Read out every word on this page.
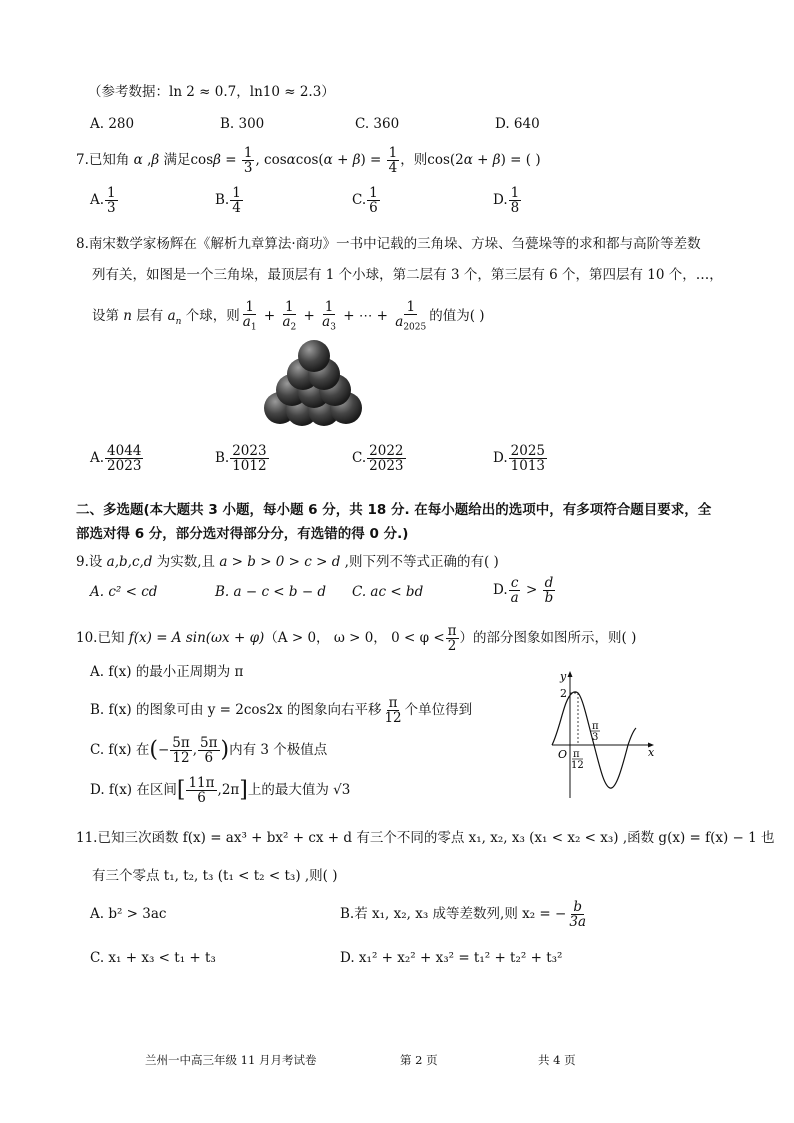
（参考数据：ln 2 ≈ 0.7，ln10 ≈ 2.3）
A. 280	B. 300	C. 360	D. 640
7.已知角 α ,β 满足$\cos\beta = \frac{1}{3}$ , $\cos\alpha\cos(\alpha + \beta) = \frac{1}{4}$ ，则cos(2α + β) = ( )
A. $\frac{1}{3}$	B. $\frac{1}{4}$	C. $\frac{1}{6}$	D. $\frac{1}{8}$
8.南宋数学家杨辉在《解析九章算法·商功》一书中记载的三角垛、方垛、刍甍垛等的求和都与高阶等差数
列有关，如图是一个三角垛，最顶层有 1 个小球，第二层有 3 个，第三层有 6 个，第四层有 10 个，…，
设第 n 层有 $a_n$ 个球，则 $\frac{1}{a_1} + \frac{1}{a_2} + \frac{1}{a_3}$ + ⋯ + $\frac{1}{a_{2025}}$ 的值为( )
A. $\frac{4044}{2023}$	B. $\frac{2023}{1012}$	C. $\frac{2022}{2023}$	D. $\frac{2025}{1013}$
二、多选题(本大题共 3 小题，每小题 6 分，共 18 分. 在每小题给出的选项中，有多项符合题目要求，全部选对得 6 分，部分选对得部分分，有选错的得 0 分.)
9.设 a,b,c,d 为实数,且 a > b > 0 > c > d ,则下列不等式正确的有( )
A. c² < cd	B. a − c < b − d C. ac < bd	D. $\frac{c}{a} > \frac{d}{b}$
10.已知 f(x) = A sin(ωx + φ)（A > 0， ω > 0， $0 < \varphi < \frac{\pi}{2}$ ）的部分图象如图所示，则( )
A. f(x) 的最小正周期为 π
B. f(x) 的图象可由 y = 2cos2x 的图象向右平移 $\frac{\pi}{12}$ 个单位得到
C. f(x) 在(− $\frac{5\pi}{12}$ , $\frac{5\pi}{6}$ )内有 3 个极值点
D. f(x) 在区间[ $\frac{11\pi}{6} ,2\pi$]上的最大值为 √3
y
x
O
2
π
12
π
3
11.已知三次函数 f(x) = ax³ + bx² + cx + d 有三个不同的零点 x₁, x₂, x₃ (x₁ < x₂ < x₃) ,函数 g(x) = f(x) − 1 也
有三个零点 t₁, t₂, t₃ (t₁ < t₂ < t₃) ,则( )
A. b² > 3ac	B.若 x₁, x₂, x₃ 成等差数列,则 x₂ = − $\frac{b}{3a}$
C. x₁ + x₃ < t₁ + t₃	D. x₁² + x₂² + x₃² = t₁² + t₂² + t₃²
兰州一中高三年级 11 月月考试卷	第 2 页	共 4 页
